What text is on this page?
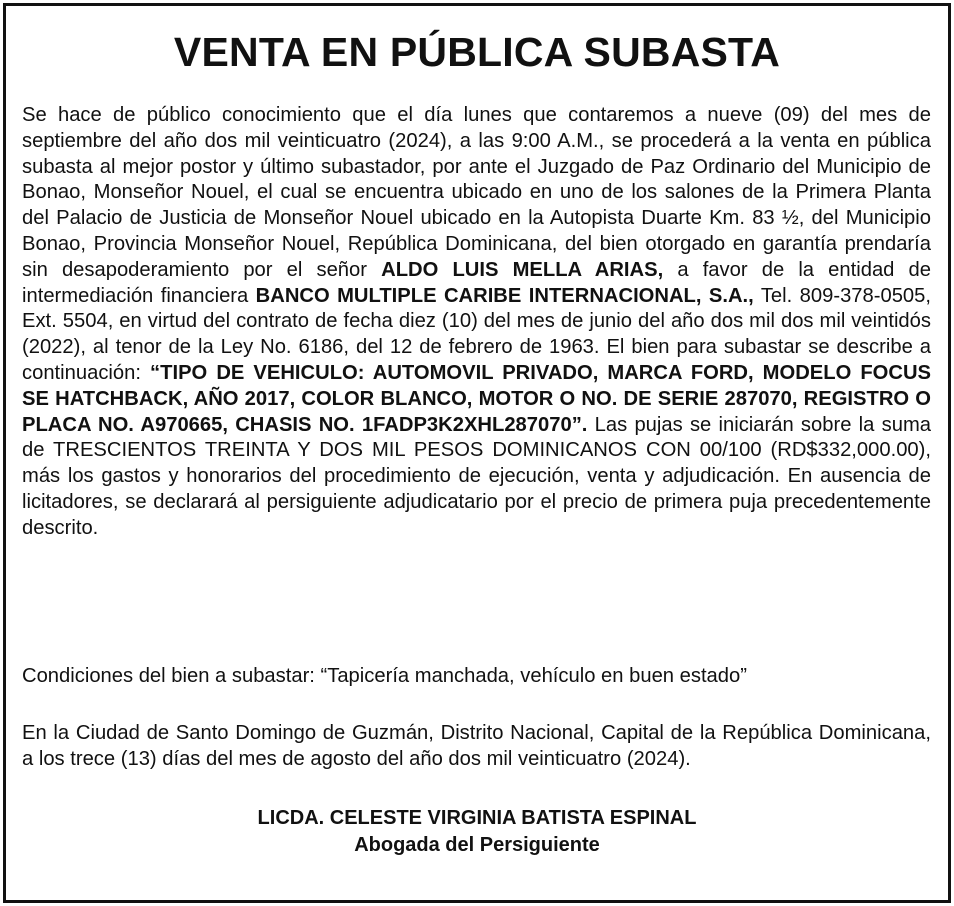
VENTA EN PÚBLICA SUBASTA

Se hace de público conocimiento que el día lunes que contaremos a nueve (09) del mes de septiembre del año dos mil veinticuatro (2024), a las 9:00 A.M., se procederá a la venta en pública subasta al mejor postor y último subastador, por ante el Juzgado de Paz Ordinario del Municipio de Bonao, Monseñor Nouel, el cual se encuentra ubicado en uno de los salones de la Primera Planta del Palacio de Justicia de Monseñor Nouel ubicado en la Autopista Duarte Km. 83 ½, del Municipio Bonao, Provincia Monseñor Nouel, República Dominicana, del bien otorgado en garantía prendaría sin desapoderamiento por el señor ALDO LUIS MELLA ARIAS, a favor de la entidad de intermediación financiera BANCO MULTIPLE CARIBE INTERNACIONAL, S.A., Tel. 809-378-0505, Ext. 5504, en virtud del contrato de fecha diez (10) del mes de junio del año dos mil dos mil veintidós (2022), al tenor de la Ley No. 6186, del 12 de febrero de 1963. El bien para subastar se describe a continuación: “TIPO DE VEHICULO: AUTOMOVIL PRIVADO, MARCA FORD, MODELO FOCUS SE HATCHBACK, AÑO 2017, COLOR BLANCO, MOTOR O NO. DE SERIE 287070, REGISTRO O PLACA NO. A970665, CHASIS NO. 1FADP3K2XHL287070”. Las pujas se iniciarán sobre la suma de TRESCIENTOS TREINTA Y DOS MIL PESOS DOMINICANOS CON 00/100 (RD$332,000.00), más los gastos y honorarios del procedimiento de ejecución, venta y adjudicación. En ausencia de licitadores, se declarará al persiguiente adjudicatario por el precio de primera puja precedentemente descrito.

Condiciones del bien a subastar: “Tapicería manchada, vehículo en buen estado”

En la Ciudad de Santo Domingo de Guzmán, Distrito Nacional, Capital de la República Dominicana, a los trece (13) días del mes de agosto del año dos mil veinticuatro (2024).

LICDA. CELESTE VIRGINIA BATISTA ESPINAL

Abogada del Persiguiente
